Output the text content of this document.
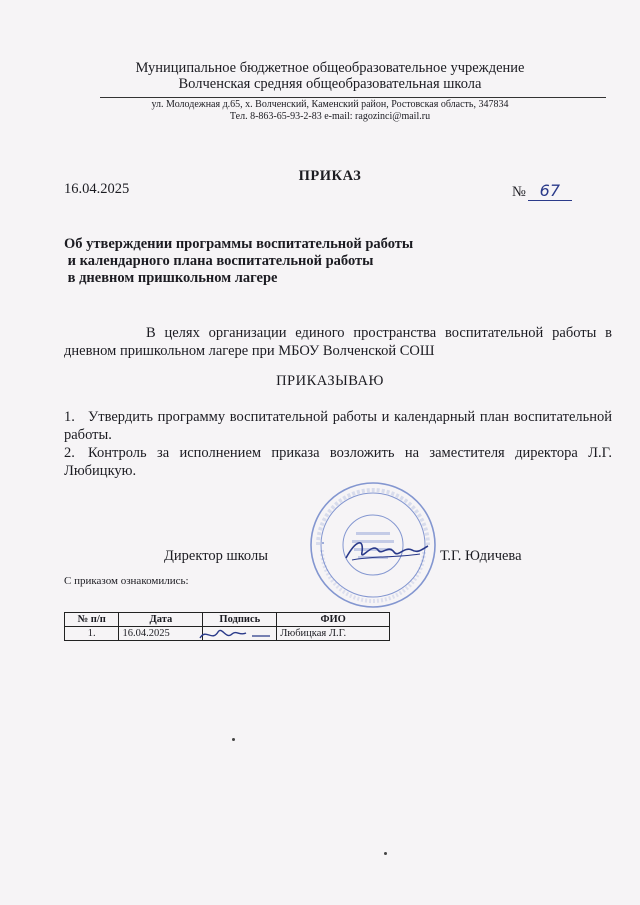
Муниципальное бюджетное общеобразовательное учреждение
Волченская средняя общеобразовательная школа
ул. Молодежная д.65, х. Волченский, Каменский район, Ростовская область, 347834
Тел. 8-863-65-93-2-83 e-mail: ragozinci@mail.ru
ПРИКАЗ
16.04.2025	№ 67
Об утверждении программы воспитательной работы
и календарного плана воспитательной работы
в дневном пришкольном лагере
В целях организации единого пространства воспитательной работы в дневном пришкольном лагере при МБОУ Волченской СОШ
ПРИКАЗЫВАЮ

1. Утвердить программу воспитательной работы и календарный план воспитательной работы.

2. Контроль за исполнением приказа возложить на заместителя директора Л.Г. Любицкую.

Директор школы	Т.Г. Юдичева
С приказом ознакомились:
№ п/п	Дата	Подпись	ФИО
1.	16.04.2025		Любицкая Л.Г.
